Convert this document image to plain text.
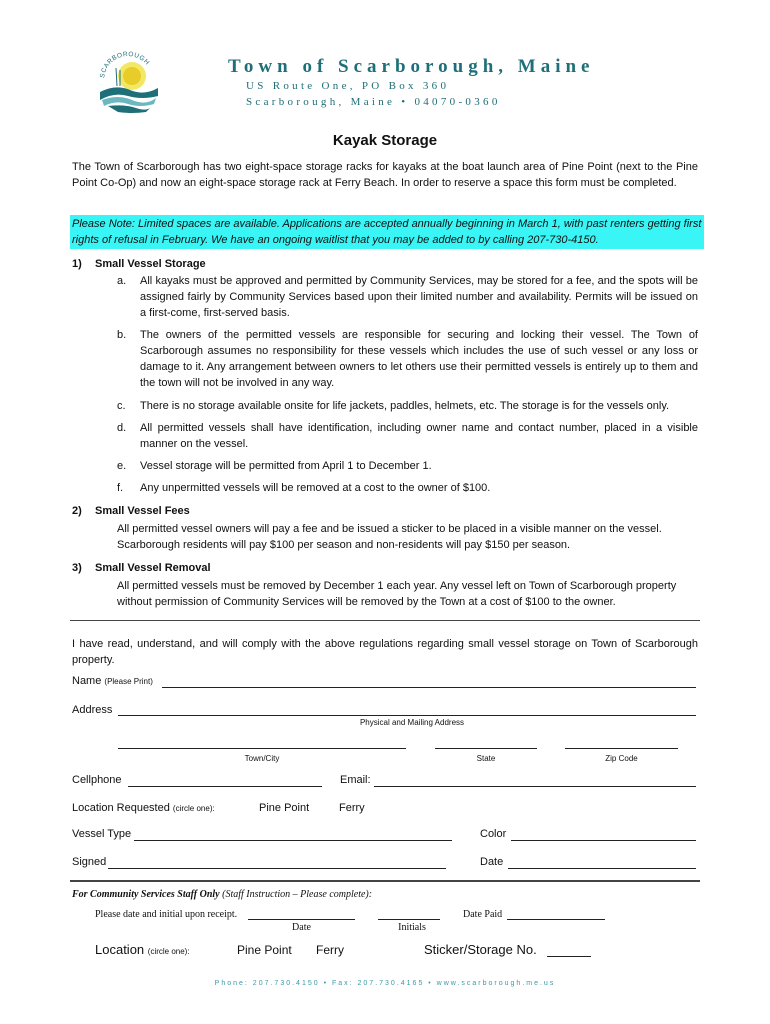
SCARBOROUGH	Town of Scarborough, Maine
US Route One, PO Box 360
Scarborough, Maine • 04070-0360
Kayak Storage
The Town of Scarborough has two eight-space storage racks for kayaks at the boat launch area of Pine Point (next to the Pine Point Co-Op) and now an eight-space storage rack at Ferry Beach. In order to reserve a space this form must be completed.
Please Note: Limited spaces are available. Applications are accepted annually beginning in March 1, with past renters getting first rights of refusal in February. We have an ongoing waitlist that you may be added to by calling 207-730-4150.
1) Small Vessel Storage
a.	All kayaks must be approved and permitted by Community Services, may be stored for a fee, and the spots will be assigned fairly by Community Services based upon their limited number and availability. Permits will be issued on a first-come, first-served basis.
b.	The owners of the permitted vessels are responsible for securing and locking their vessel. The Town of Scarborough assumes no responsibility for these vessels which includes the use of such vessel or any loss or damage to it. Any arrangement between owners to let others use their permitted vessels is entirely up to them and the town will not be involved in any way.
c.	There is no storage available onsite for life jackets, paddles, helmets, etc. The storage is for the vessels only.
d.	All permitted vessels shall have identification, including owner name and contact number, placed in a visible manner on the vessel.
e.	Vessel storage will be permitted from April 1 to December 1.
f.	Any unpermitted vessels will be removed at a cost to the owner of $100.
2) Small Vessel Fees
All permitted vessel owners will pay a fee and be issued a sticker to be placed in a visible manner on the vessel. Scarborough residents will pay $100 per season and non-residents will pay $150 per season.
3) Small Vessel Removal
All permitted vessels must be removed by December 1 each year. Any vessel left on Town of Scarborough property without permission of Community Services will be removed by the Town at a cost of $100 to the owner.
I have read, understand, and will comply with the above regulations regarding small vessel storage on Town of Scarborough property.
Name (Please Print)
Address
Physical and Mailing Address
Town/City	State	Zip Code
Cellphone	Email:
Location Requested (circle one):	Pine Point	Ferry
Vessel Type	Color
Signed	Date
For Community Services Staff Only (Staff Instruction – Please complete):
Please date and initial upon receipt.
Date	Initials
Date Paid
Location (circle one):	Pine Point Ferry	Sticker/Storage No.
Phone: 207.730.4150 • Fax: 207.730.4165 • www.scarborough.me.us
